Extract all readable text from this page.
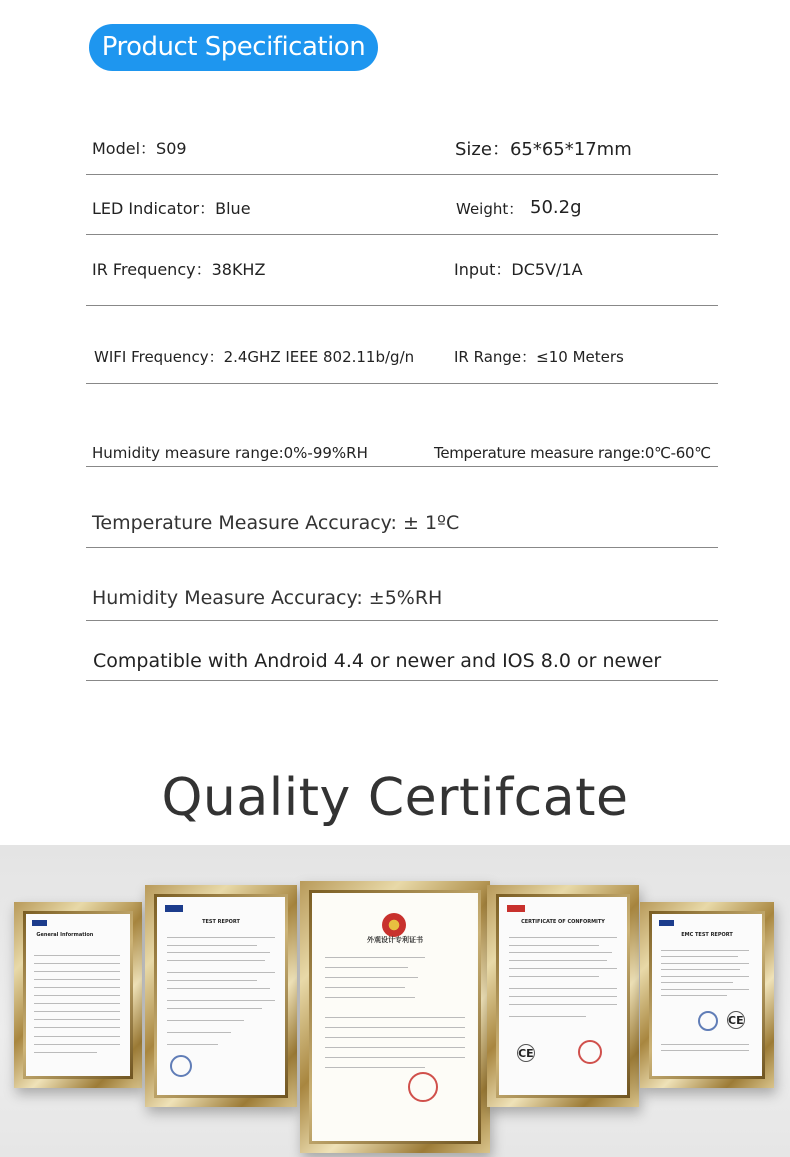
Product Specification
Model：S09	Size：65*65*17mm
LED Indicator：Blue	Weight： 50.2g
IR Frequency：38KHZ	Input：DC5V/1A
WIFI Frequency：2.4GHZ IEEE 802.11b/g/n	IR Range：≤10 Meters
Humidity measure range:0%-99%RH	Temperature measure range:0℃-60℃
Temperature Measure Accuracy: ± 1ºC
Humidity Measure Accuracy: ±5%RH
Compatible with Android 4.4 or newer and IOS 8.0 or newer
Quality Certifcate
General Information
TEST REPORT
外观设计专利证书
CERTIFICATE OF CONFORMITY
CE
EMC TEST REPORT
CE
